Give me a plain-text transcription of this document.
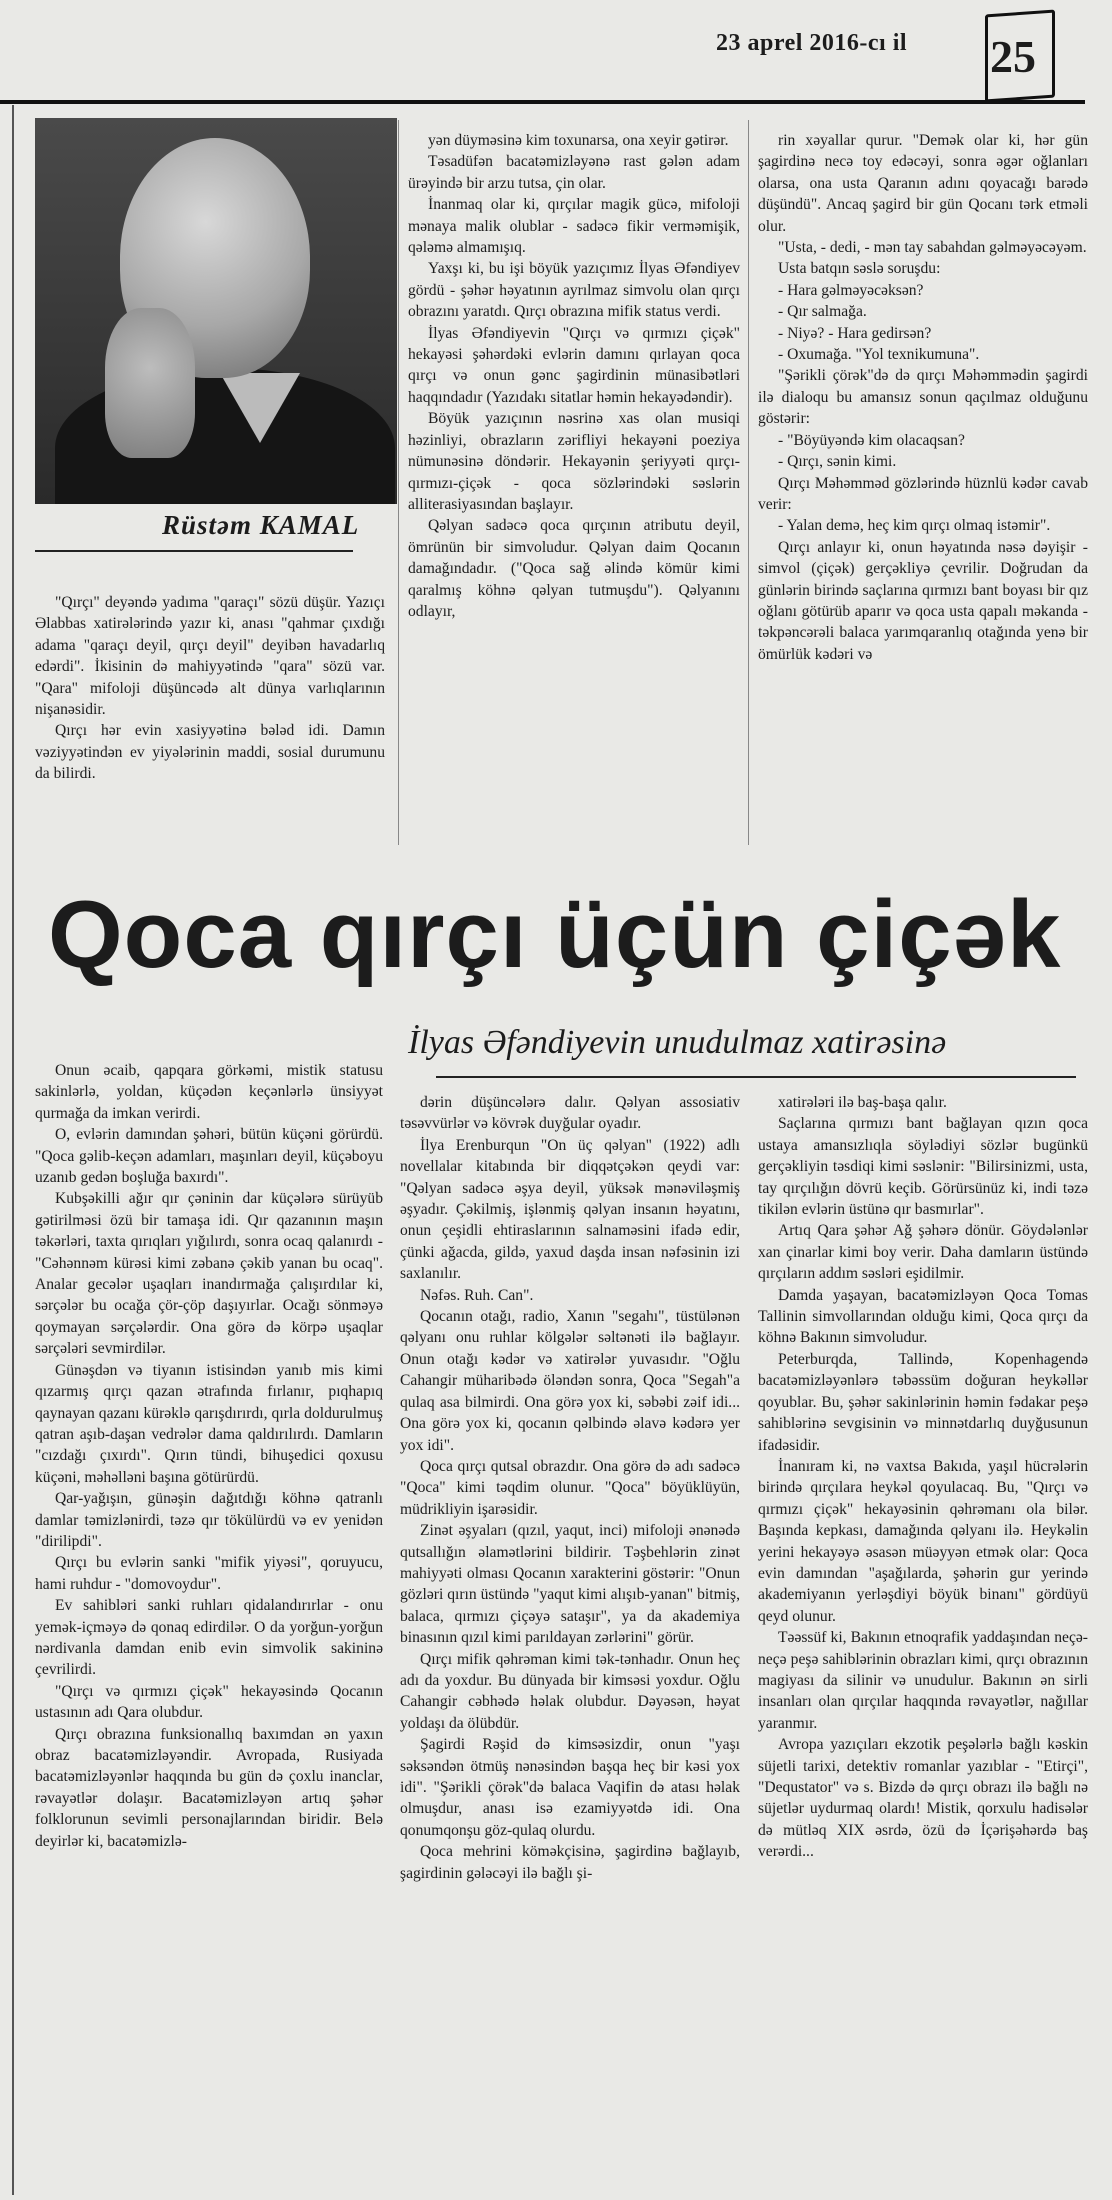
23 aprel 2016-cı il 25
Rüstəm KAMAL

"Qırçı" deyəndə yadıma "qaraçı" sözü düşür. Yazıçı Əlabbas xatirələrində yazır ki, anası "qahmar çıxdığı adama "qaraçı deyil, qırçı deyil" deyibən havadarlıq edərdi". İkisinin də mahiyyətində "qara" sözü var. "Qara" mifoloji düşüncədə alt dünya varlıqlarının nişanəsidir.

Qırçı hər evin xasiyyətinə bələd idi. Damın vəziyyətindən ev yiyələrinin maddi, sosial durumunu da bilirdi.

yən düyməsinə kim toxunarsa, ona xeyir gətirər.

Təsadüfən bacatəmizləyənə rast gələn adam ürəyində bir arzu tutsa, çin olar.

İnanmaq olar ki, qırçılar magik gücə, mifoloji mənaya malik olublar - sadəcə fikir verməmişik, qələmə almamışıq.

Yaxşı ki, bu işi böyük yazıçımız İlyas Əfəndiyev gördü - şəhər həyatının ayrılmaz simvolu olan qırçı obrazını yaratdı. Qırçı obrazına mifik status verdi.

İlyas Əfəndiyevin "Qırçı və qırmızı çiçək" hekayəsi şəhərdəki evlərin damını qırlayan qoca qırçı və onun gənc şagirdinin münasibətləri haqqındadır (Yazıdakı sitatlar həmin hekayədəndir).

Böyük yazıçının nəsrinə xas olan musiqi həzinliyi, obrazların zərifliyi hekayəni poeziya nümunəsinə döndərir. Hekayənin şeriyyəti qırçı-qırmızı-çiçək - qoca sözlərindəki səslərin alliterasiyasından başlayır.

Qəlyan sadəcə qoca qırçının atributu deyil, ömrünün bir simvoludur. Qəlyan daim Qocanın damağındadır. ("Qoca sağ əlində kömür kimi qaralmış köhnə qəlyan tutmuşdu"). Qəlyanını odlayır,

rin xəyallar qurur. "Demək olar ki, hər gün şagirdinə necə toy edəcəyi, sonra əgər oğlanları olarsa, ona usta Qaranın adını qoyacağı barədə düşündü". Ancaq şagird bir gün Qocanı tərk etməli olur.

"Usta, - dedi, - mən tay sabahdan gəlməyəcəyəm.

Usta batqın səslə soruşdu:

- Hara gəlməyəcəksən?

- Qır salmağa.

- Niyə? - Hara gedirsən?

- Oxumağa. "Yol texnikumuna".

"Şərikli çörək"də də qırçı Məhəmmədin şagirdi ilə dialoqu bu amansız sonun qaçılmaz olduğunu göstərir:

- "Böyüyəndə kim olacaqsan?

- Qırçı, sənin kimi.

Qırçı Məhəmməd gözlərində hüznlü kədər cavab verir:

- Yalan demə, heç kim qırçı olmaq istəmir".

Qırçı anlayır ki, onun həyatında nəsə dəyişir - simvol (çiçək) gerçəkliyə çevrilir. Doğrudan da günlərin birində saçlarına qırmızı bant boyası bir qız oğlanı götürüb aparır və qoca usta qapalı məkanda - təkpəncərəli balaca yarımqaranlıq otağında yenə bir ömürlük kədəri və

Qoca qırçı üçün çiçək
İlyas Əfəndiyevin unudulmaz xatirəsinə

Onun əcaib, qapqara görkəmi, mistik statusu sakinlərlə, yoldan, küçədən keçənlərlə ünsiyyət qurmağa da imkan verirdi.

O, evlərin damından şəhəri, bütün küçəni görürdü. "Qoca gəlib-keçən adamları, maşınları deyil, küçəboyu uzanıb gedən boşluğa baxırdı".

Kubşəkilli ağır qır çəninin dar küçələrə sürüyüb gətirilməsi özü bir tamaşa idi. Qır qazanının maşın təkərləri, taxta qırıqları yığılırdı, sonra ocaq qalanırdı - "Cəhənnəm kürəsi kimi zəbanə çəkib yanan bu ocaq". Analar gecələr uşaqları inandırmağa çalışırdılar ki, sərçələr bu ocağa çör-çöp daşıyırlar. Ocağı sönməyə qoymayan sərçələrdir. Ona görə də körpə uşaqlar sərçələri sevmirdilər.

Günəşdən və tiyanın istisindən yanıb mis kimi qızarmış qırçı qazan ətrafında fırlanır, pıqhapıq qaynayan qazanı kürəklə qarışdırırdı, qırla doldurulmuş qatran aşıb-daşan vedrələr dama qaldırılırdı. Damların "cızdağı çıxırdı". Qırın tündi, bihuşedici qoxusu küçəni, məhəlləni başına götürürdü.

Qar-yağışın, günəşin dağıtdığı köhnə qatranlı damlar təmizlənirdi, təzə qır tökülürdü və ev yenidən "diriliрdi".

Qırçı bu evlərin sanki "mifik yiyəsi", qoruyucu, hami ruhdur - "domovoydur".

Ev sahibləri sanki ruhları qidalandırırlar - onu yemək-içməyə də qonaq edirdilər. O da yorğun-yorğun nərdivanla damdan enib evin simvolik sakininə çevrilirdi.

"Qırçı və qırmızı çiçək" hekayəsində Qocanın ustasının adı Qara olubdur.

Qırçı obrazına funksionallıq baxımdan ən yaxın obraz bacatəmizləyəndir. Avropada, Rusiyada bacatəmizləyənlər haqqında bu gün də çoxlu inanclar, rəvayətlər dolaşır. Bacatəmizləyən artıq şəhər folklorunun sevimli personajlarından biridir. Belə deyirlər ki, bacatəmizlə-

dərin düşüncələrə dalır. Qəlyan assosiativ təsəvvürlər və kövrək duyğular oyadır.

İlya Erenburqun "On üç qəlyan" (1922) adlı novellalar kitabında bir diqqətçəkən qeydi var: "Qəlyan sadəcə əşya deyil, yüksək mənəviləşmiş əşyadır. Çəkilmiş, işlənmiş qəlyan insanın həyatını, onun çeşidli ehtiraslarının salnaməsini ifadə edir, çünki ağacda, gildə, yaxud daşda insan nəfəsinin izi saxlanılır.

Nəfəs. Ruh. Can".

Qocanın otağı, radio, Xanın "segahı", tüstülənən qəlyanı onu ruhlar kölgələr səltənəti ilə bağlayır. Onun otağı kədər və xatirələr yuvasıdır. "Oğlu Cahangir müharibədə öləndən sonra, Qoca "Segah"a qulaq asa bilmirdi. Ona görə yox ki, səbəbi zəif idi... Ona görə yox ki, qocanın qəlbində əlavə kədərə yer yox idi".

Qoca qırçı qutsal obrazdır. Ona görə də adı sadəcə "Qoca" kimi təqdim olunur. "Qoca" böyüklüyün, müdrikliyin işarəsidir.

Zinət əşyaları (qızıl, yaqut, inci) mifoloji ənənədə qutsallığın əlamətlərini bildirir. Təşbehlərin zinət mahiyyəti olması Qocanın xarakterini göstərir: "Onun gözləri qırın üstündə "yaqut kimi alışıb-yanan" bitmiş, balaca, qırmızı çiçəyə sataşır", ya da akademiya binasının qızıl kimi parıldayan zərlərini" görür.

Qırçı mifik qəhrəman kimi tək-tənhadır. Onun heç adı da yoxdur. Bu dünyada bir kimsəsi yoxdur. Oğlu Cahangir cəbhədə həlak olubdur. Dəyəsən, həyat yoldaşı da ölübdür.

Şagirdi Rəşid də kimsəsizdir, onun "yaşı səksəndən ötmüş nənəsindən başqa heç bir kəsi yox idi". "Şərikli çörək"də balaca Vaqifin də atası həlak olmuşdur, anası isə ezamiyyətdə idi. Ona qonumqonşu göz-qulaq olurdu.

Qoca mehrini köməkçisinə, şagirdinə bağlayıb, şagirdinin gələcəyi ilə bağlı şi-

xatirələri ilə baş-başa qalır.

Saçlarına qırmızı bant bağlayan qızın qoca ustaya amansızlıqla söylədiyi sözlər bugünkü gerçəkliyin təsdiqi kimi səslənir: "Bilirsinizmi, usta, tay qırçılığın dövrü keçib. Görürsünüz ki, indi təzə tikilən evlərin üstünə qır basmırlar".

Artıq Qara şəhər Ağ şəhərə dönür. Göydələnlər xan çinarlar kimi boy verir. Daha damların üstündə qırçıların addım səsləri eşidilmir.

Damda yaşayan, bacatəmizləyən Qoca Tomas Tallinin simvollarından olduğu kimi, Qoca qırçı da köhnə Bakının simvoludur.

Peterburqda, Tallində, Kopenhagendə bacatəmizləyənlərə təbəssüm doğuran heykəllər qoyublar. Bu, şəhər sakinlərinin həmin fədakar peşə sahiblərinə sevgisinin və minnətdarlıq duyğusunun ifadəsidir.

İnanıram ki, nə vaxtsa Bakıda, yaşıl hücrələrin birində qırçılara heykəl qoyulacaq. Bu, "Qırçı və qırmızı çiçək" hekayəsinin qəhrəmanı ola bilər. Başında kepkası, damağında qəlyanı ilə. Heykəlin yerini hekayəyə əsasən müəyyən etmək olar: Qoca evin damından "aşağılarda, şəhərin gur yerində akademiyanın yerləşdiyi böyük binanı" gördüyü qeyd olunur.

Təəssüf ki, Bakının etnoqrafik yaddaşından neçə-neçə peşə sahiblərinin obrazları kimi, qırçı obrazının magiyası da silinir və unudulur. Bakının ən sirli insanları olan qırçılar haqqında rəvayətlər, nağıllar yaranmır.

Avropa yazıçıları ekzotik peşələrlə bağlı kəskin süjetli tarixi, detektiv romanlar yazıblar - "Etirçi", "Dequstator" və s. Bizdə də qırçı obrazı ilə bağlı nə süjetlər uydurmaq olardı! Mistik, qorxulu hadisələr də mütləq XIX əsrdə, özü də İçərişəhərdə baş verərdi...
